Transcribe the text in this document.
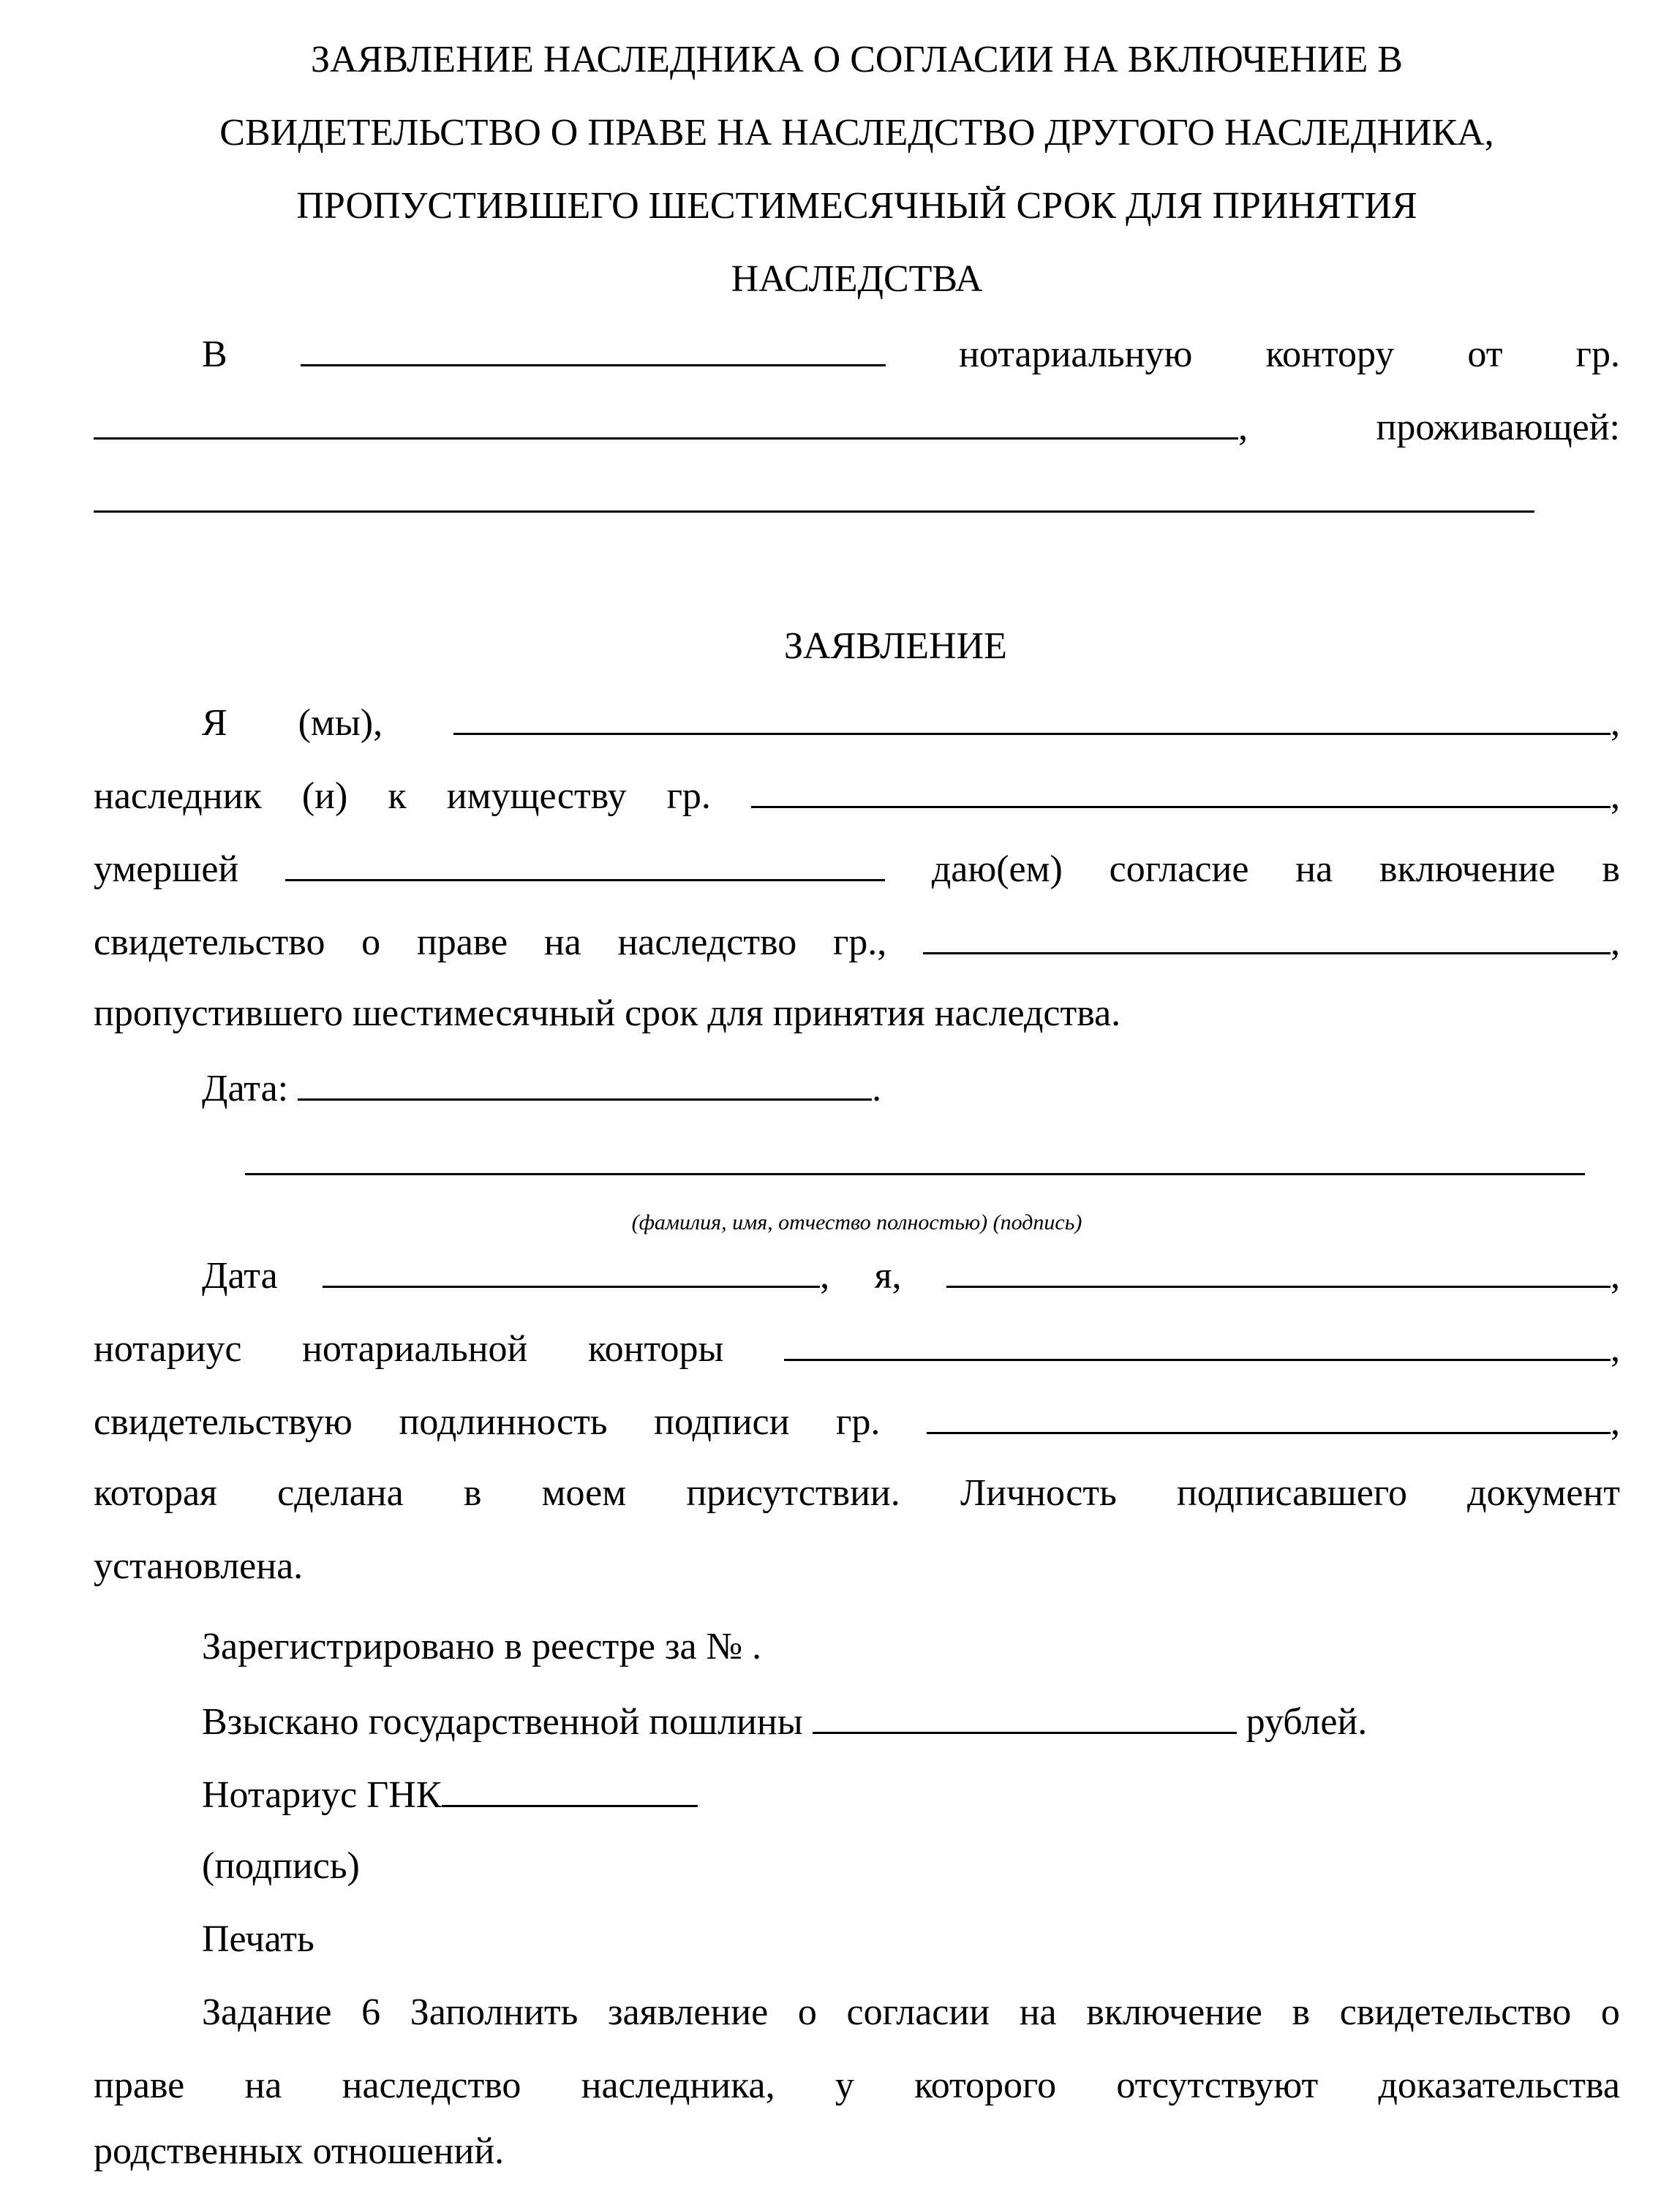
ЗАЯВЛЕНИЕ НАСЛЕДНИКА О СОГЛАСИИ НА ВКЛЮЧЕНИЕ В
СВИДЕТЕЛЬСТВО О ПРАВЕ НА НАСЛЕДСТВО ДРУГОГО НАСЛЕДНИКА,
ПРОПУСТИВШЕГО ШЕСТИМЕСЯЧНЫЙ СРОК ДЛЯ ПРИНЯТИЯ
НАСЛЕДСТВА
В	нотариальную контору от гр.
,	проживающей:
ЗАЯВЛЕНИЕ
Я (мы),	,
наследник (и) к имуществу гр.	,
умершей	даю(ем) согласие на включение в
свидетельство о праве на наследство гр.,	,
пропустившего шестимесячный срок для принятия наследства.
Дата:	.
(фамилия, имя, отчество полностью) (подпись)
Дата	, я,	,
нотариус нотариальной конторы	,
свидетельствую подлинность подписи гр.	,
которая сделана в моем присутствии. Личность подписавшего документ
установлена.
Зарегистрировано в реестре за № .
Взыскано государственной пошлины	рублей.
Нотариус ГНК
(подпись)
Печать
Задание 6 Заполнить заявление о согласии на включение в свидетельство о
праве на наследство наследника, у которого отсутствуют доказательства
родственных отношений.
